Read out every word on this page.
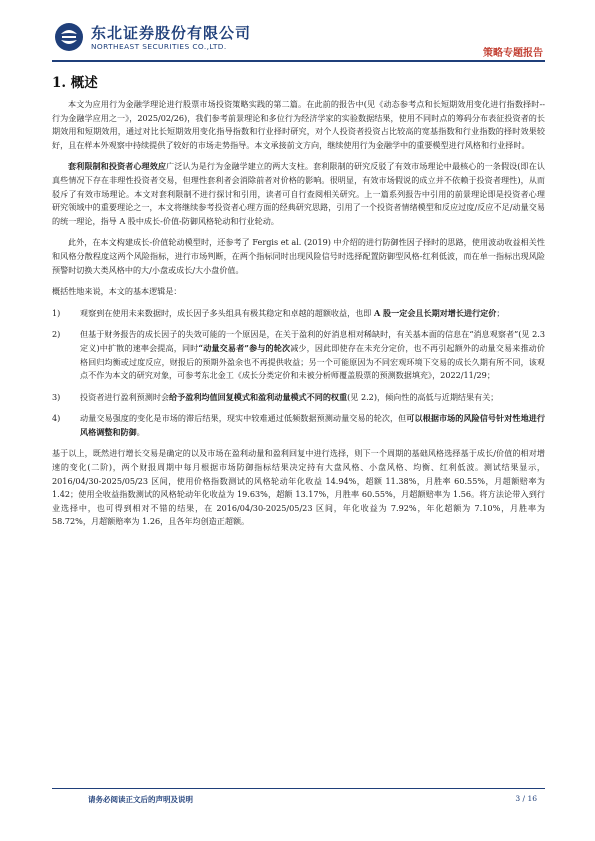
东北证券股份有限公司
NORTHEAST SECURITIES CO.,LTD.
策略专题报告
1. 概述

本文为应用行为金融学理论进行股票市场投资策略实践的第二篇。在此前的报告中(见《动态参考点和长短期效用变化进行指数择时--行为金融学应用之一》，2025/02/26)，我们参考前景理论和多位行为经济学家的实验数据结果，使用不同时点的筹码分布表征投资者的长期效用和短期效用，通过对比长短期效用变化指导指数和行业择时研究，对个人投资者投资占比较高的宽基指数和行业指数的择时效果较好，且在样本外观察中持续提供了较好的市场走势指导。本文承接前文方向，继续使用行为金融学中的重要模型进行风格和行业择时。

套利限制和投资者心理效应广泛认为是行为金融学建立的两大支柱。套利限制的研究反驳了有效市场理论中最核心的一条假设(即在认真些情况下存在非理性投资者交易，但理性套利者会消除前者对价格的影响。很明显，有效市场假说的成立并不依赖于投资者理性)，从而驳斥了有效市场理论。本文对套利限制不进行探讨和引用，读者可自行查阅相关研究。上一篇系列报告中引用的前景理论即是投资者心理研究领域中的重要理论之一，本文将继续参考投资者心理方面的经典研究思路，引用了一个投资者情绪模型和反应过度/反应不足/动量交易的统一理论，指导 A 股中成长-价值-防御风格轮动和行业轮动。

此外，在本文构建成长-价值轮动模型时，还参考了 Fergis et al. (2019) 中介绍的进行防御性因子择时的思路，使用波动收益相关性和风格分散程度这两个风险指标，进行市场判断，在两个指标同时出现风险信号时选择配置防御型风格-红利低波，而在单一指标出现风险预警时切换大类风格中的大/小盘或成长/大小盘价值。

概括性地来说，本文的基本逻辑是：

1) 观察到在使用未来数据时，成长因子多头组具有极其稳定和卓越的超额收益，也即 A 股一定会且长期对增长进行定价；
2) 但基于财务报告的成长因子的失效可能的一个原因是，在关于盈利的好消息相对稀缺时，有关基本面的信息在“消息观察者”(见 2.3 定义)中扩散的速率会提高，同时“动量交易者”参与的轮次减少，因此即使存在未充分定价，也不再引起额外的动量交易来推动价格回归均衡或过度反应，财报后的预期外盈余也不再提供收益；另一个可能原因为不同宏观环境下交易的成长久期有所不同，该观点不作为本文的研究对象，可参考东北金工《成长分类定价和未被分析师覆盖股票的预测数据填充》，2022/11/29；
3) 投资者进行盈利预测时会给予盈利均值回复模式和盈利动量模式不同的权重(见 2.2)，倾向性的高低与近期结果有关；
4) 动量交易强度的变化是市场的滞后结果，现实中较难通过低频数据预测动量交易的轮次，但可以根据市场的风险信号针对性地进行风格调整和防御。

基于以上，既然进行增长交易是确定的以及市场在盈利动量和盈利回复中进行选择，则下一个周期的基础风格选择基于成长/价值的相对增速的变化(二阶)，两个财报周期中每月根据市场防御指标结果决定持有大盘风格、小盘风格、均衡、红利低波。测试结果显示，2016/04/30-2025/05/23 区间，使用价格指数测试的风格轮动年化收益 14.94%，超额 11.38%，月胜率 60.55%，月超额赔率为 1.42；使用全收益指数测试的风格轮动年化收益为 19.63%，超额 13.17%，月胜率 60.55%，月超额赔率为 1.56。将方法论带入到行业选择中，也可得到相对不错的结果，在 2016/04/30-2025/05/23 区间，年化收益为 7.92%，年化超额为 7.10%，月胜率为 58.72%，月超额赔率为 1.26，且各年均创造正超额。

请务必阅读正文后的声明及说明	3 / 16
